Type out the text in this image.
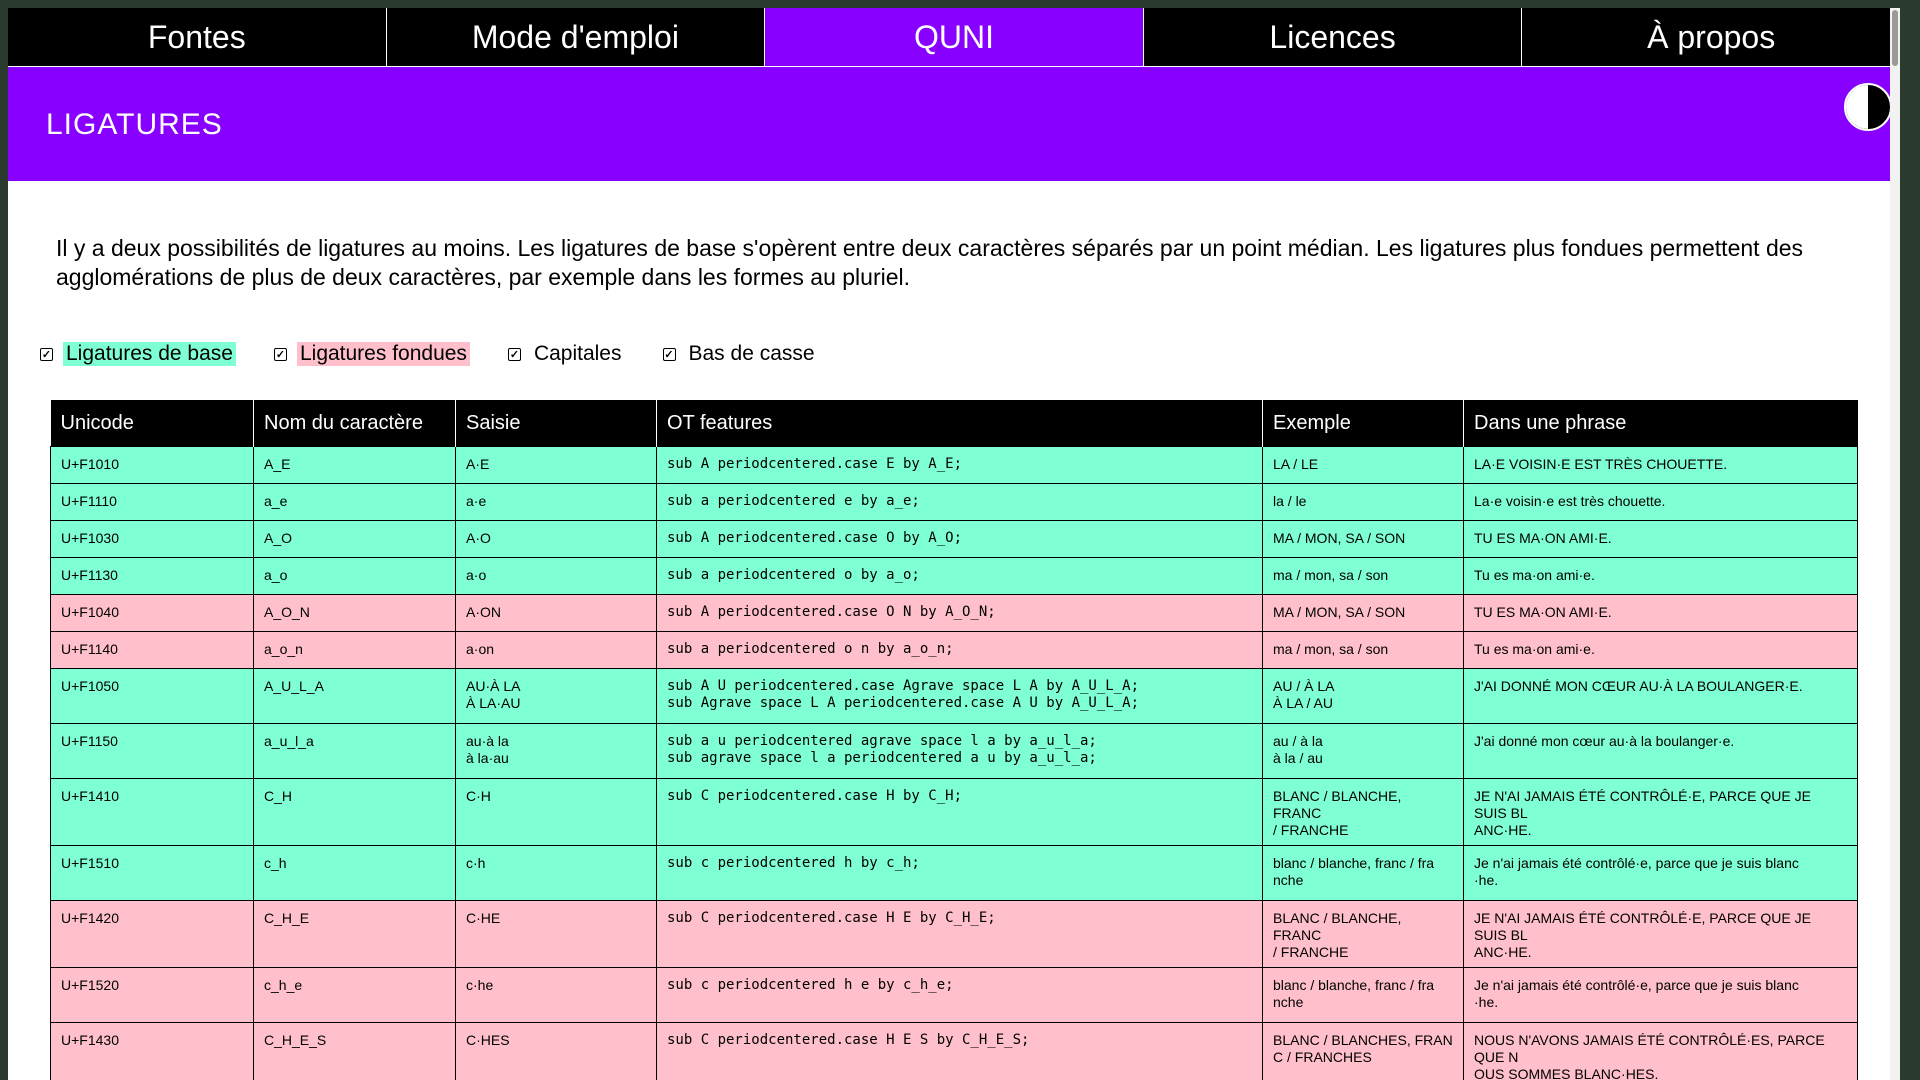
Fontes	Mode d'emploi	QUNI	Licences	À propos
LIGATURES

Il y a deux possibilités de ligatures au moins. Les ligatures de base s'opèrent entre deux caractères séparés par un point médian. Les ligatures plus fondues permettent des agglomérations de plus de deux caractères, par exemple dans les formes au pluriel.

✓ Ligatures de base	✓ Ligatures fondues	✓ Capitales	✓ Bas de casse
Unicode	Nom du caractère	Saisie	OT features	Exemple	Dans une phrase
U+F1010	A_E	A·E	sub A periodcentered.case E by A_E;	LA / LE	LA·E VOISIN·E EST TRÈS CHOUETTE.

U+F1110	a_e	a·e	sub a periodcentered e by a_e;	la / le	La·e voisin·e est très chouette.

U+F1030	A_O	A·O	sub A periodcentered.case O by A_O;	MA / MON, SA / SON	TU ES MA·ON AMI·E.

U+F1130	a_o	a·o	sub a periodcentered o by a_o;	ma / mon, sa / son	Tu es ma·on ami·e.

U+F1040	A_O_N	A·ON	sub A periodcentered.case O N by A_O_N;	MA / MON, SA / SON	TU ES MA·ON AMI·E.

U+F1140	a_o_n	a·on	sub a periodcentered o n by a_o_n;	ma / mon, sa / son	Tu es ma·on ami·e.

U+F1050	A_U_L_A	AU·À LA
À LA·AU	sub A U periodcentered.case Agrave space L A by A_U_L_A;
sub Agrave space L A periodcentered.case A U by A_U_L_A;	AU / À LA
À LA / AU	J'AI DONNÉ MON CŒUR AU·À LA BOULANGER·E.

U+F1150	a_u_l_a	au·à la
à la·au	sub a u periodcentered agrave space l a by a_u_l_a;
sub agrave space l a periodcentered a u by a_u_l_a;	au / à la
à la / au	J'ai donné mon cœur au·à la boulanger·e.

U+F1410	C_H	C·H	sub C periodcentered.case H by C_H;	BLANC / BLANCHE, FRANC
/ FRANCHE	JE N'AI JAMAIS ÉTÉ CONTRÔLÉ·E, PARCE QUE JE SUIS BL
ANC·HE.

U+F1510	c_h	c·h	sub c periodcentered h by c_h;	blanc / blanche, franc / fra
nche	Je n'ai jamais été contrôlé·e, parce que je suis blanc
·he.

U+F1420	C_H_E	C·HE	sub C periodcentered.case H E by C_H_E;	BLANC / BLANCHE, FRANC
/ FRANCHE	JE N'AI JAMAIS ÉTÉ CONTRÔLÉ·E, PARCE QUE JE SUIS BL
ANC·HE.

U+F1520	c_h_e	c·he	sub c periodcentered h e by c_h_e;	blanc / blanche, franc / fra
nche	Je n'ai jamais été contrôlé·e, parce que je suis blanc
·he.

U+F1430	C_H_E_S	C·HES	sub C periodcentered.case H E S by C_H_E_S;	BLANC / BLANCHES, FRAN
C / FRANCHES	NOUS N'AVONS JAMAIS ÉTÉ CONTRÔLÉ·ES, PARCE QUE N
OUS SOMMES BLANC·HES.
